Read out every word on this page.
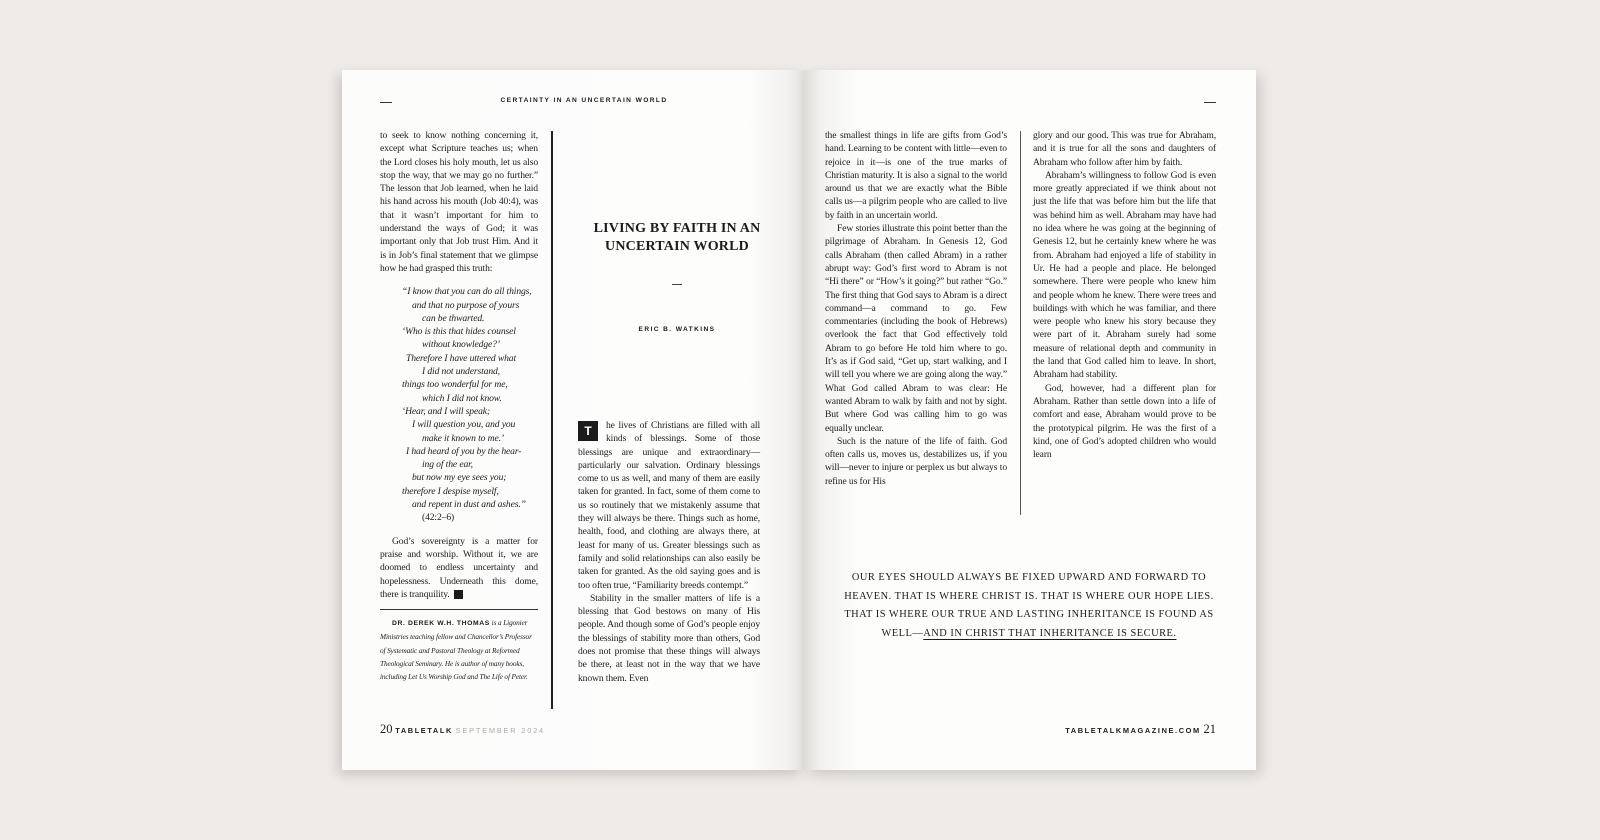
CERTAINTY IN AN UNCERTAIN WORLD

to seek to know nothing concerning it, except what Scripture teaches us; when the Lord closes his holy mouth, let us also stop the way, that we may go no further.” The lesson that Job learned, when he laid his hand across his mouth (Job 40:4), was that it wasn’t important for him to understand the ways of God; it was important only that Job trust Him. And it is in Job’s final statement that we glimpse how he had grasped this truth:

“I know that you can do all things,
and that no purpose of yours
can be thwarted.
‘Who is this that hides counsel
without knowledge?’
Therefore I have uttered what
I did not understand,
things too wonderful for me,
which I did not know.
‘Hear, and I will speak;
I will question you, and you
make it known to me.’
I had heard of you by the hear-
ing of the ear,
but now my eye sees you;
therefore I despise myself,
and repent in dust and ashes.”
(42:2–6)

God’s sovereignty is a matter for praise and worship. Without it, we are doomed to endless uncertainty and hopelessness. Underneath this dome, there is tranquility.	T

DR. DEREK W.H. THOMAS is a Ligonier Ministries teaching fellow and Chancellor’s Professor of Systematic and Pastoral Theology at Reformed Theological Seminary. He is author of many books, including Let Us Worship God and The Life of Peter.

LIVING BY FAITH IN AN UNCERTAIN WORLD
ERIC B. WATKINS

T	he lives of Christians are filled with all kinds of blessings. Some of those blessings are unique and extraordinary—particularly our salvation. Ordinary blessings come to us as well, and many of them are easily taken for granted. In fact, some of them come to us so routinely that we mistakenly assume that they will always be there. Things such as home, health, food, and clothing are always there, at least for many of us. Greater blessings such as family and solid relationships can also easily be taken for granted. As the old saying goes and is too often true, “Familiarity breeds contempt.”

Stability in the smaller matters of life is a blessing that God bestows on many of His people. And though some of God’s people enjoy the blessings of stability more than others, God does not promise that these things will always be there, at least not in the way that we have known them. Even

20 TABLETALK SEPTEMBER 2024

the smallest things in life are gifts from God’s hand. Learning to be content with little—even to rejoice in it—is one of the true marks of Christian maturity. It is also a signal to the world around us that we are exactly what the Bible calls us—a pilgrim people who are called to live by faith in an uncertain world.

Few stories illustrate this point better than the pilgrimage of Abraham. In Genesis 12, God calls Abraham (then called Abram) in a rather abrupt way: God’s first word to Abram is not “Hi there” or “How’s it going?” but rather “Go.” The first thing that God says to Abram is a direct command—a command to go. Few commentaries (including the book of Hebrews) overlook the fact that God effectively told Abram to go before He told him where to go. It’s as if God said, “Get up, start walking, and I will tell you where we are going along the way.” What God called Abram to was clear: He wanted Abram to walk by faith and not by sight. But where God was calling him to go was equally unclear.

Such is the nature of the life of faith. God often calls us, moves us, destabilizes us, if you will—never to injure or perplex us but always to refine us for His

glory and our good. This was true for Abraham, and it is true for all the sons and daughters of Abraham who follow after him by faith.

Abraham’s willingness to follow God is even more greatly appreciated if we think about not just the life that was before him but the life that was behind him as well. Abraham may have had no idea where he was going at the beginning of Genesis 12, but he certainly knew where he was from. Abraham had enjoyed a life of stability in Ur. He had a people and place. He belonged somewhere. There were people who knew him and people whom he knew. There were trees and buildings with which he was familiar, and there were people who knew his story because they were part of it. Abraham surely had some measure of relational depth and community in the land that God called him to leave. In short, Abraham had stability.

God, however, had a different plan for Abraham. Rather than settle down into a life of comfort and ease, Abraham would prove to be the prototypical pilgrim. He was the first of a kind, one of God’s adopted children who would learn

OUR EYES SHOULD ALWAYS BE FIXED UPWARD AND FORWARD TO HEAVEN. THAT IS WHERE CHRIST IS. THAT IS WHERE OUR HOPE LIES. THAT IS WHERE OUR TRUE AND LASTING INHERITANCE IS FOUND AS WELL—AND IN CHRIST THAT INHERITANCE IS SECURE.
TABLETALKMAGAZINE.COM 21
